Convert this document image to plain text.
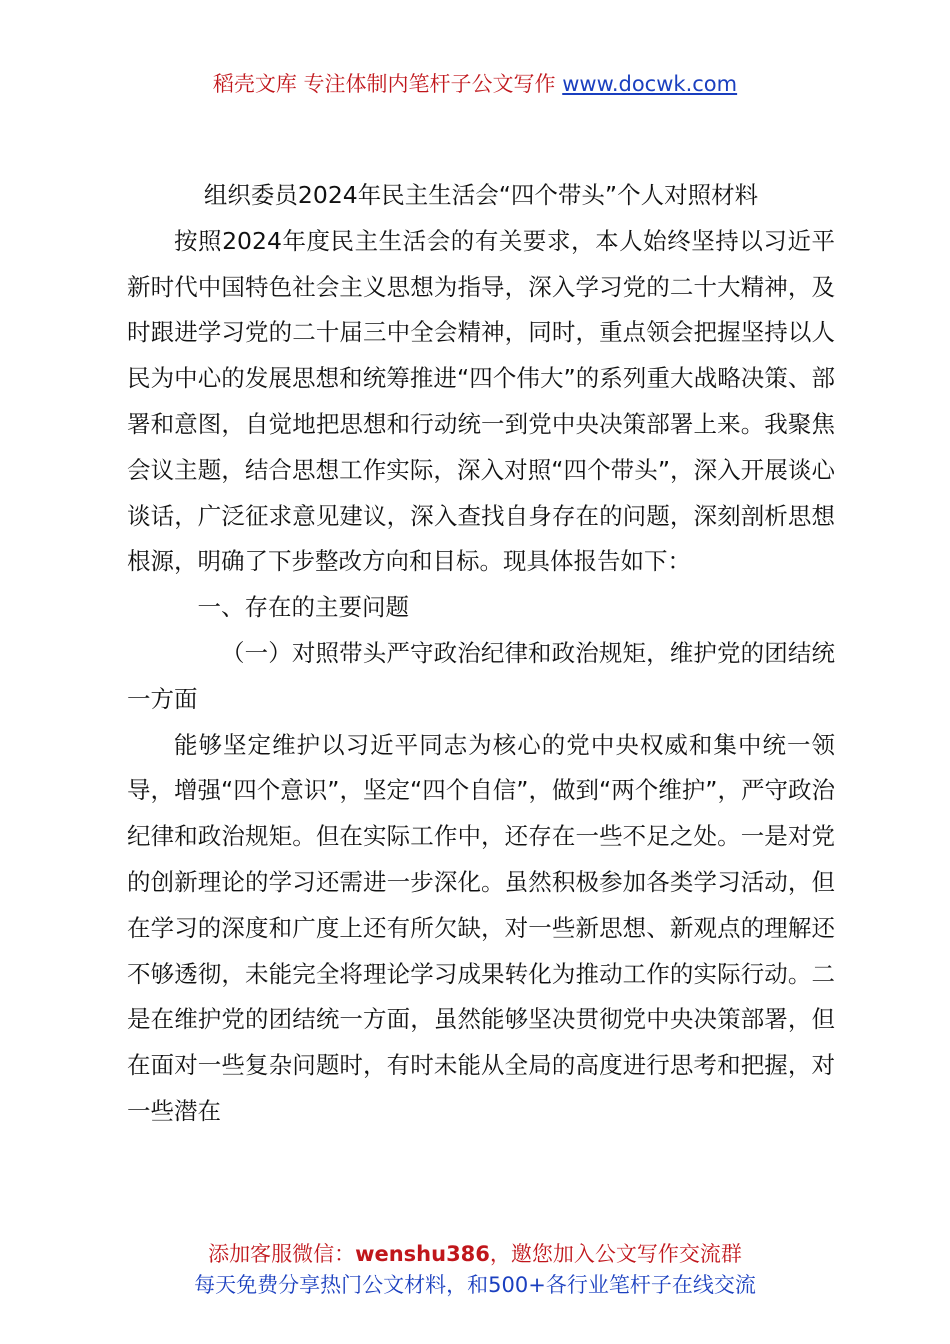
稻壳文库 专注体制内笔杆子公文写作 www.docwk.com
组织委员2024年民主生活会“四个带头”个人对照材料

按照2024年度民主生活会的有关要求，本人始终坚持以习近平新时代中国特色社会主义思想为指导，深入学习党的二十大精神，及时跟进学习党的二十届三中全会精神，同时，重点领会把握坚持以人民为中心的发展思想和统筹推进“四个伟大”的系列重大战略决策、部署和意图，自觉地把思想和行动统一到党中央决策部署上来。我聚焦会议主题，结合思想工作实际，深入对照“四个带头”，深入开展谈心谈话，广泛征求意见建议，深入查找自身存在的问题，深刻剖析思想根源，明确了下步整改方向和目标。现具体报告如下：

一、存在的主要问题

（一）对照带头严守政治纪律和政治规矩，维护党的团结统一方面

能够坚定维护以习近平同志为核心的党中央权威和集中统一领导，增强“四个意识”，坚定“四个自信”，做到“两个维护”，严守政治纪律和政治规矩。但在实际工作中，还存在一些不足之处。一是对党的创新理论的学习还需进一步深化。虽然积极参加各类学习活动，但在学习的深度和广度上还有所欠缺，对一些新思想、新观点的理解还不够透彻，未能完全将理论学习成果转化为推动工作的实际行动。二是在维护党的团结统一方面，虽然能够坚决贯彻党中央决策部署，但在面对一些复杂问题时，有时未能从全局的高度进行思考和把握，对一些潜在

添加客服微信：wenshu386，邀您加入公文写作交流群
每天免费分享热门公文材料，和500+各行业笔杆子在线交流
